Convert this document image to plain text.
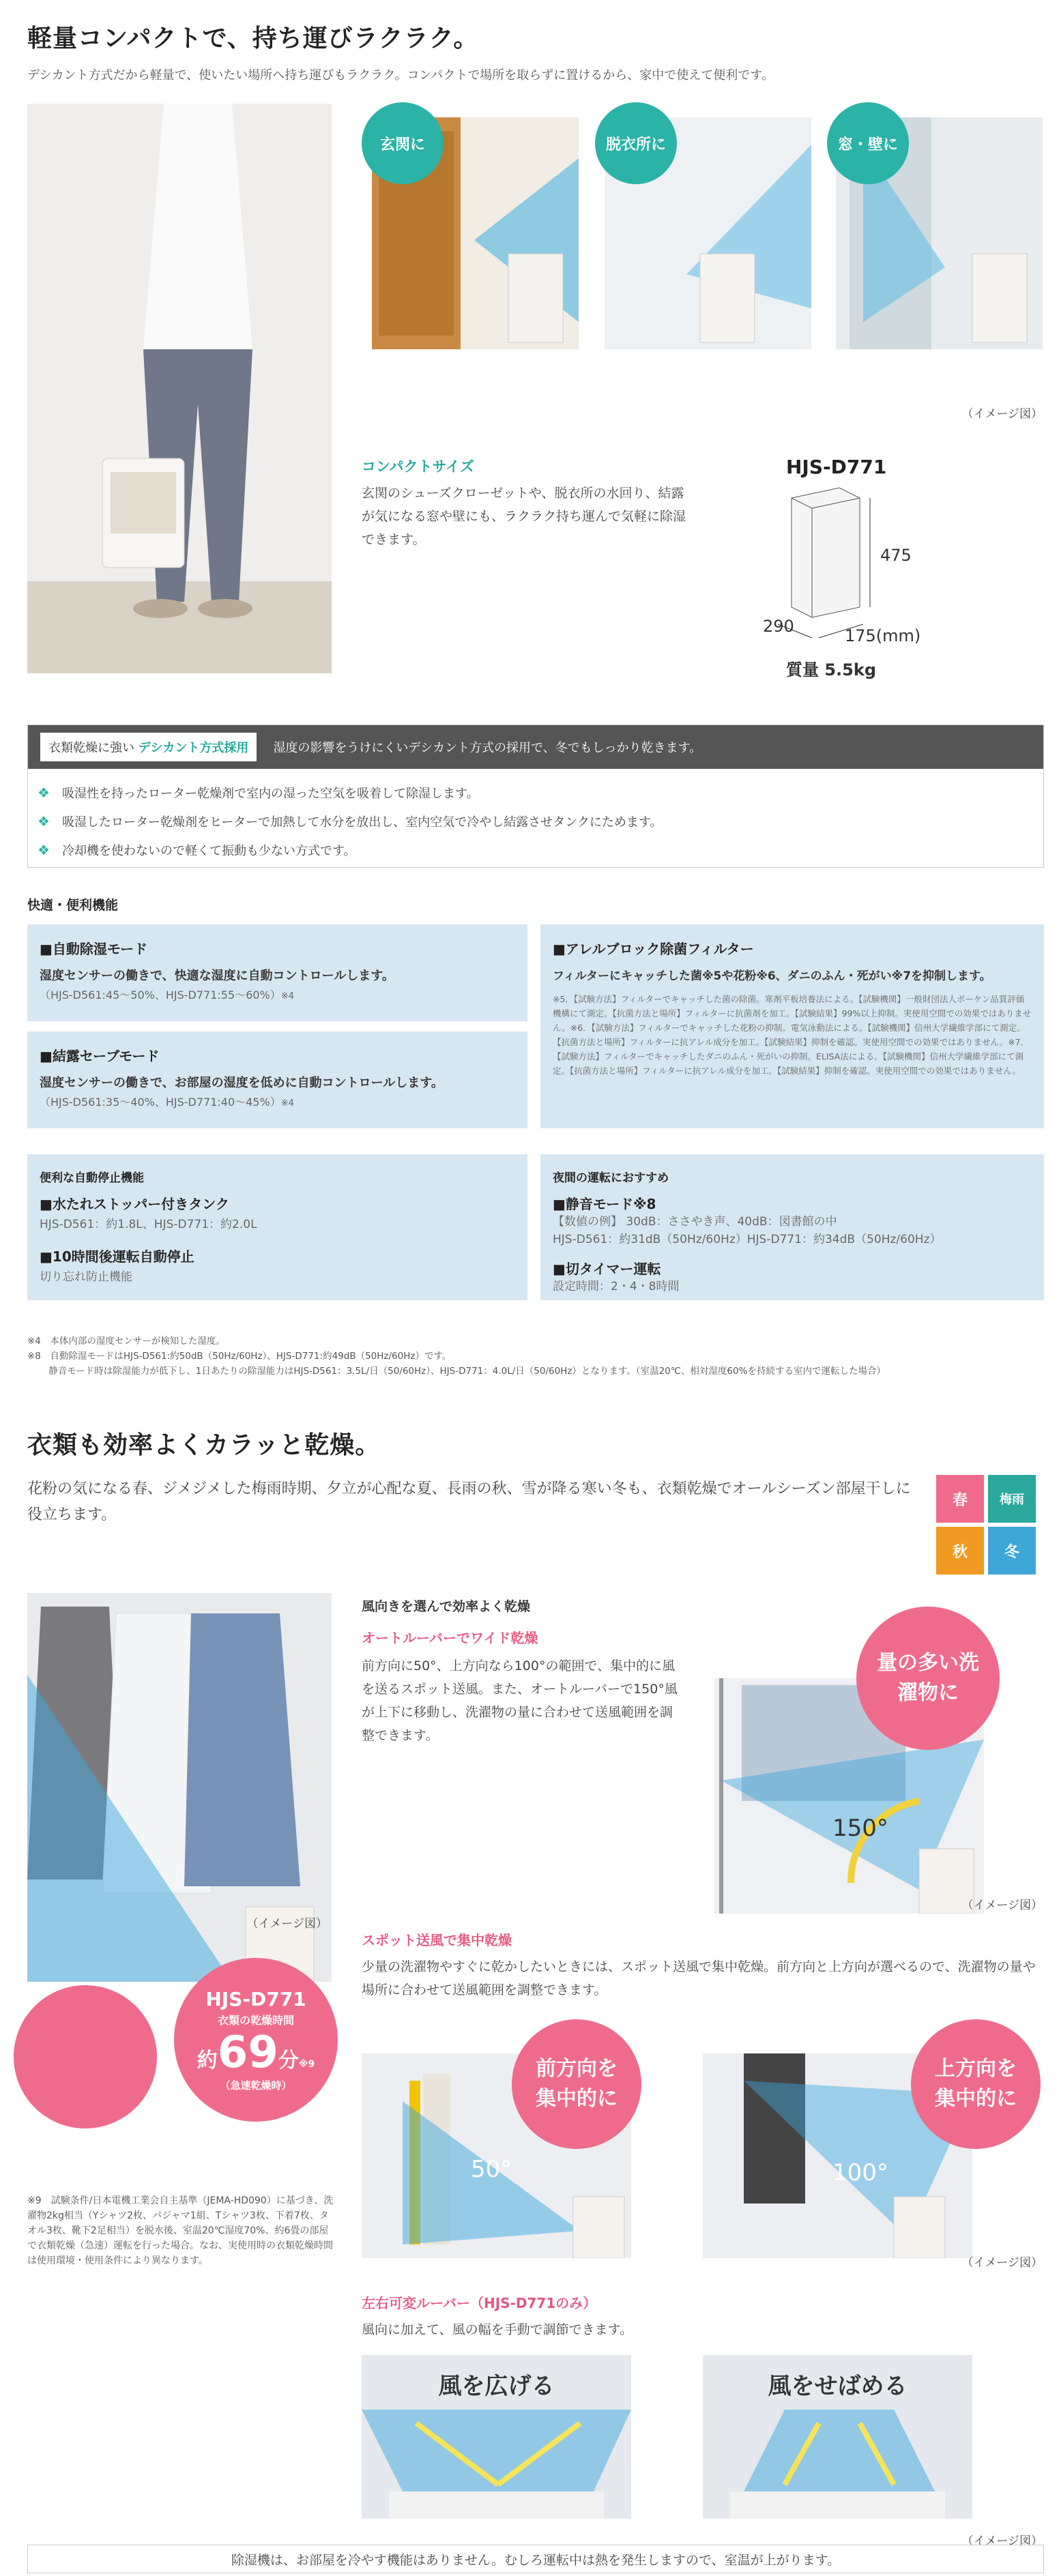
軽量コンパクトで、持ち運びラクラク。
デシカント方式だから軽量で、使いたい場所へ持ち運びもラクラク。コンパクトで場所を取らずに置けるから、家中で使えて便利です。
玄関に	脱衣所に	窓・壁に
（イメージ図）
コンパクトサイズ
玄関のシューズクローゼットや、脱衣所の水回り、結露が気になる窓や壁にも、ラクラク持ち運んで気軽に除湿できます。
HJS-D771
475
290	175(mm)
質量 5.5kg
衣類乾燥に強い デシカント方式採用	湿度の影響をうけにくいデシカント方式の採用で、冬でもしっかり乾きます。
❖ 吸湿性を持ったローター乾燥剤で室内の湿った空気を吸着して除湿します。
❖ 吸湿したローター乾燥剤をヒーターで加熱して水分を放出し、室内空気で冷やし結露させタンクにためます。
❖ 冷却機を使わないので軽くて振動も少ない方式です。
快適・便利機能
■自動除湿モード
湿度センサーの働きで、快適な湿度に自動コントロールします。
（HJS-D561:45〜50%、HJS-D771:55〜60%）※4
■結露セーブモード
湿度センサーの働きで、お部屋の湿度を低めに自動コントロールします。
（HJS-D561:35〜40%、HJS-D771:40〜45%）※4
■アレルブロック除菌フィルター
フィルターにキャッチした菌※5や花粉※6、ダニのふん・死がい※7を抑制します。
※5．【試験方法】フィルターでキャッチした菌の除菌。寒剤平板培養法による。【試験機関】一般財団法人ボーケン品質評価機構にて測定。【抗菌方法と場所】フィルターに抗菌剤を加工。【試験結果】99%以上抑制。実使用空間での効果ではありません。※6．【試験方法】フィルターでキャッチした花粉の抑制。電気泳動法による。【試験機関】信州大学繊維学部にて測定。【抗菌方法と場所】フィルターに抗アレル成分を加工。【試験結果】抑制を確認。実使用空間での効果ではありません。※7．【試験方法】フィルターでキャッチしたダニのふん・死がいの抑制。ELISA法による。【試験機関】信州大学繊維学部にて測定。【抗菌方法と場所】フィルターに抗アレル成分を加工。【試験結果】抑制を確認。実使用空間での効果ではありません。
便利な自動停止機能
■水たれストッパー付きタンク
HJS-D561：約1.8L、HJS-D771：約2.0L
■10時間後運転自動停止
切り忘れ防止機能
夜間の運転におすすめ
■静音モード※8
【数値の例】 30dB：ささやき声、40dB：図書館の中
HJS-D561：約31dB（50Hz/60Hz）HJS-D771：約34dB（50Hz/60Hz）
■切タイマー運転
設定時間：2・4・8時間
※4　本体内部の湿度センサーが検知した湿度。
※8　自動除湿モードはHJS-D561:約50dB（50Hz/60Hz）、HJS-D771:約49dB（50Hz/60Hz）です。
　　 静音モード時は除湿能力が低下し、1日あたりの除湿能力はHJS-D561：3.5L/日（50/60Hz）、HJS-D771：4.0L/日（50/60Hz）となります。（室温20℃、相対湿度60%を持続する室内で運転した場合）
衣類も効率よくカラッと乾燥。
花粉の気になる春、ジメジメした梅雨時期、夕立が心配な夏、長雨の秋、雪が降る寒い冬も、衣類乾燥でオールシーズン部屋干しに役立ちます。
春	梅雨
秋	冬
（イメージ図）
HJS-D771
衣類の乾燥時間
約 69 分 ※9
（急速乾燥時）
※9　試験条件/日本電機工業会自主基準（JEMA-HD090）に基づき、洗濯物2kg相当（Yシャツ2枚、パジャマ1組、Tシャツ3枚、下着7枚、タオル3枚、靴下2足相当）を脱水後、室温20℃湿度70%、約6畳の部屋で衣類乾燥（急速）運転を行った場合。なお、実使用時の衣類乾燥時間は使用環境・使用条件により異なります。
風向きを選んで効率よく乾燥
オートルーバーでワイド乾燥
前方向に50°、上方向なら100°の範囲で、集中的に風を送るスポット送風。また、オートルーバーで150°風が上下に移動し、洗濯物の量に合わせて送風範囲を調整できます。
150°
量の多い洗濯物に
（イメージ図）
スポット送風で集中乾燥
少量の洗濯物やすぐに乾かしたいときには、スポット送風で集中乾燥。前方向と上方向が選べるので、洗濯物の量や場所に合わせて送風範囲を調整できます。
50°
前方向を集中的に
100°
上方向を集中的に
（イメージ図）
左右可変ルーバー（HJS-D771のみ）
風向に加えて、風の幅を手動で調節できます。
風を広げる	風をせばめる
（イメージ図）
除湿機は、お部屋を冷やす機能はありません。むしろ運転中は熱を発生しますので、室温が上がります。
